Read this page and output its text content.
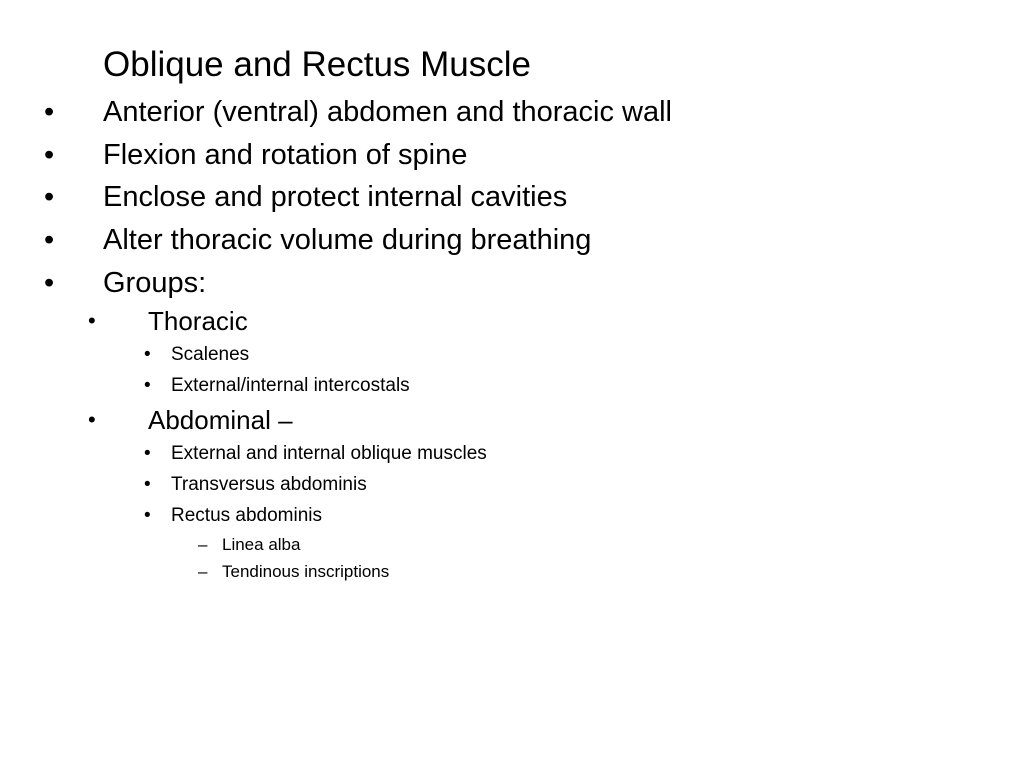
Oblique and Rectus Muscle
• Anterior (ventral) abdomen and thoracic wall
• Flexion and rotation of spine
• Enclose and protect internal cavities
• Alter thoracic volume during breathing
• Groups:
• Thoracic
• Scalenes
• External/internal intercostals
• Abdominal –
• External and internal oblique muscles
• Transversus abdominis
• Rectus abdominis
– Linea alba
– Tendinous inscriptions
